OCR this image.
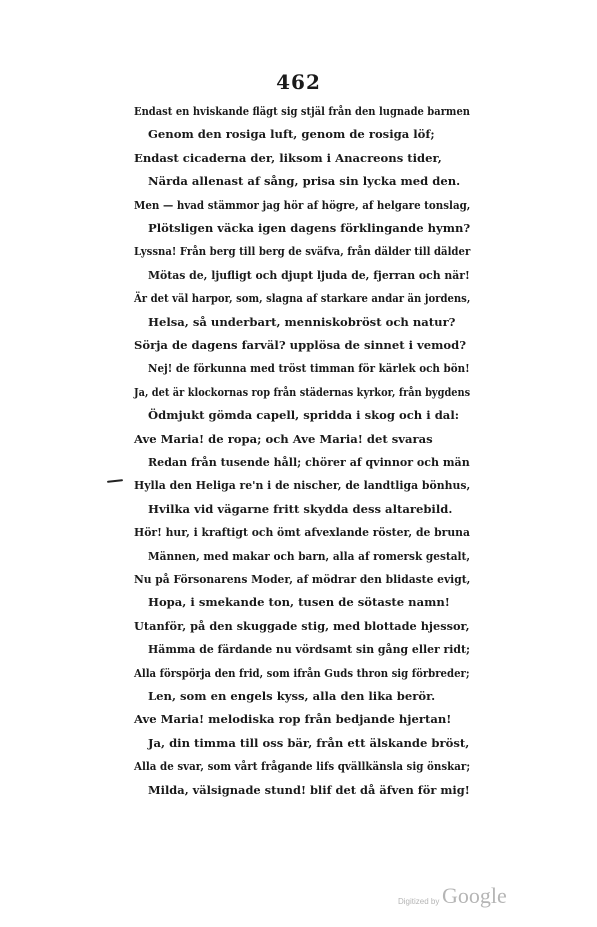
462
Endast en hviskande flägt sig stjäl från den lugnade barmen
Genom den rosiga luft, genom de rosiga löf;
Endast cicaderna der, liksom i Anacreons tider,
Närda allenast af sång, prisa sin lycka med den.
Men — hvad stämmor jag hör af högre, af helgare tonslag,
Plötsligen väcka igen dagens förklingande hymn?
Lyssna! Från berg till berg de sväfva, från dälder till dälder
Mötas de, ljufligt och djupt ljuda de, fjerran och när!
Är det väl harpor, som, slagna af starkare andar än jordens,
Helsa, så underbart, menniskobröst och natur?
Sörja de dagens farväl? upplösa de sinnet i vemod?
Nej! de förkunna med tröst timman för kärlek och bön!
Ja, det är klockornas rop från städernas kyrkor, från bygdens
Ödmjukt gömda capell, spridda i skog och i dal:
Ave Maria! de ropa; och Ave Maria! det svaras
Redan från tusende håll; chörer af qvinnor och män
Hylla den Heliga re'n i de nischer, de landtliga bönhus,
Hvilka vid vägarne fritt skydda dess altarebild.
Hör! hur, i kraftigt och ömt afvexlande röster, de bruna
Männen, med makar och barn, alla af romersk gestalt,
Nu på Försonarens Moder, af mödrar den blidaste evigt,
Hopa, i smekande ton, tusen de sötaste namn!
Utanför, på den skuggade stig, med blottade hjessor,
Hämma de färdande nu vördsamt sin gång eller ridt;
Alla förspörja den frid, som ifrån Guds thron sig förbreder;
Len, som en engels kyss, alla den lika berör.
Ave Maria! melodiska rop från bedjande hjertan!
Ja, din timma till oss bär, från ett älskande bröst,
Alla de svar, som vårt frågande lifs qvällkänsla sig önskar;
Milda, välsignade stund! blif det då äfven för mig!
Digitized by Google
